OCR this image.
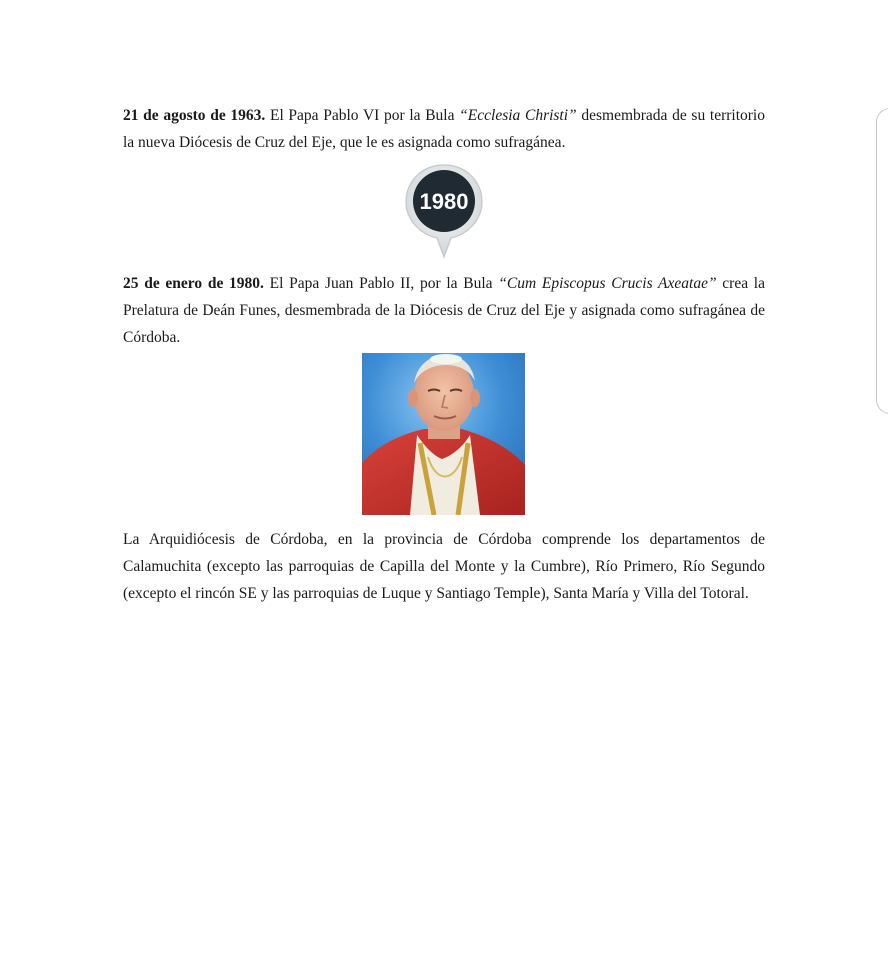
21 de agosto de 1963. El Papa Pablo VI por la Bula “Ecclesia Christi” desmembrada de su territorio la nueva Diócesis de Cruz del Eje, que le es asignada como sufragánea.

1980

25 de enero de 1980. El Papa Juan Pablo II, por la Bula “Cum Episcopus Crucis Axeatae” crea la Prelatura de Deán Funes, desmembrada de la Diócesis de Cruz del Eje y asignada como sufragánea de Córdoba.

La Arquidiócesis de Córdoba, en la provincia de Córdoba comprende los departamentos de Calamuchita (excepto las parroquias de Capilla del Monte y la Cumbre), Río Primero, Río Segundo (excepto el rincón SE y las parroquias de Luque y Santiago Temple), Santa María y Villa del Totoral.
